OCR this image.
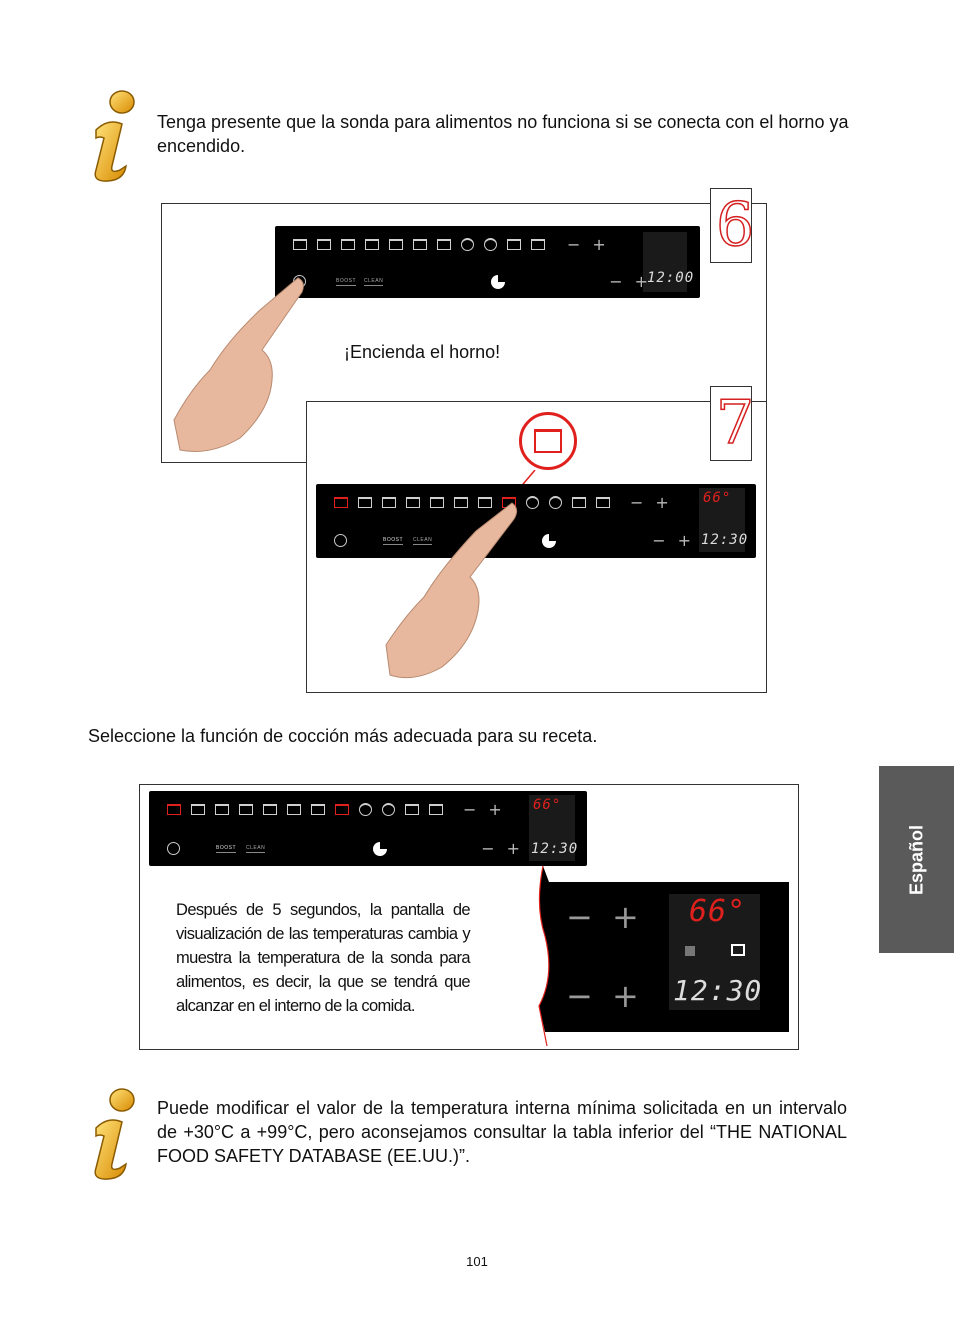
Tenga presente que la sonda para alimentos no funciona si se conecta con el horno ya encendido.
− +
12:00
BOOST CLEAN	− +
6
¡Encienda el horno!
7
− + 66°
12:30
BOOST CLEAN	− +
Seleccione la función de cocción más adecuada para su receta.
− + 66°
12:30
BOOST CLEAN	− +
− +
− +
66°
12:30
Después de 5 segundos, la pantalla de visualización de las temperaturas cambia y muestra la temperatura de la sonda para alimentos, es decir, la que se tendrá que alcanzar en el interno de la comida.
Puede modificar el valor de la temperatura interna mínima solicitada en un intervalo de +30°C a +99°C, pero aconsejamos consultar la tabla inferior del “THE NATIONAL FOOD SAFETY DATABASE (EE.UU.)”.
Español
101
